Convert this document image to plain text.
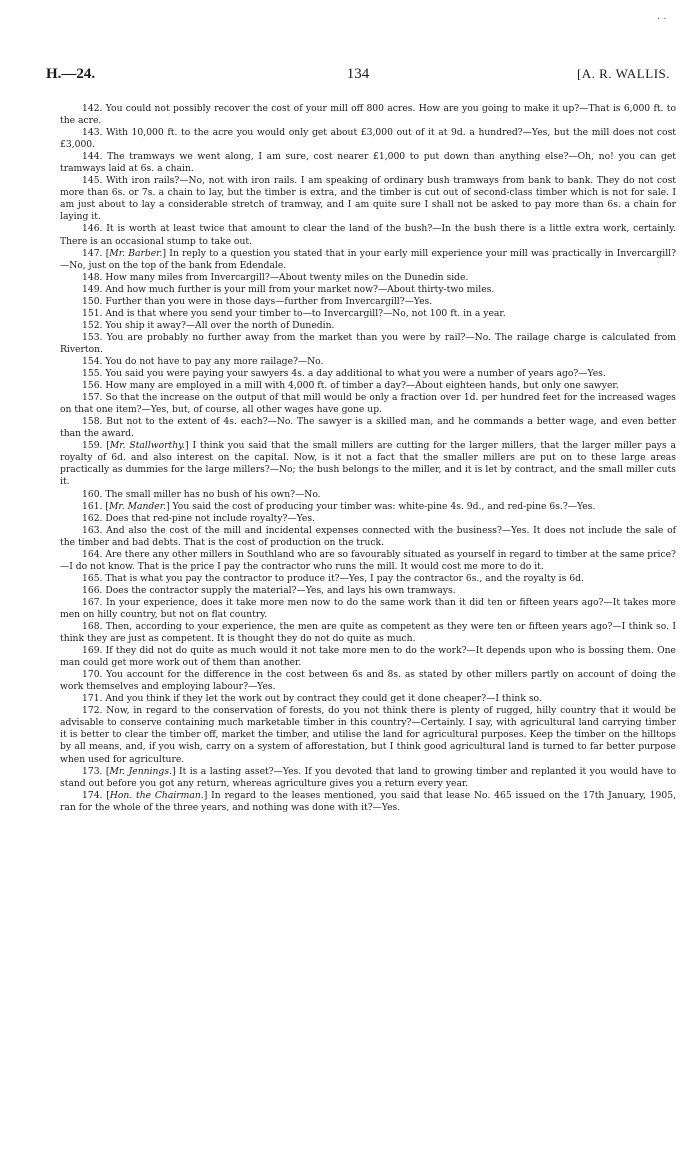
· ·
H.—24.	134	[A. R. WALLIS.

142. You could not possibly recover the cost of your mill off 800 acres. How are you going to make it up?—That is 6,000 ft. to the acre.

143. With 10,000 ft. to the acre you would only get about £3,000 out of it at 9d. a hundred?—Yes, but the mill does not cost £3,000.

144. The tramways we went along, I am sure, cost nearer £1,000 to put down than anything else?—Oh, no! you can get tramways laid at 6s. a chain.

145. With iron rails?—No, not with iron rails. I am speaking of ordinary bush tramways from bank to bank. They do not cost more than 6s. or 7s. a chain to lay, but the timber is extra, and the timber is cut out of second-class timber which is not for sale. I am just about to lay a considerable stretch of tramway, and I am quite sure I shall not be asked to pay more than 6s. a chain for laying it.

146. It is worth at least twice that amount to clear the land of the bush?—In the bush there is a little extra work, certainly. There is an occasional stump to take out.

147. [Mr. Barber.] In reply to a question you stated that in your early mill experience your mill was practically in Invercargill?—No, just on the top of the bank from Edendale.

148. How many miles from Invercargill?—About twenty miles on the Dunedin side.

149. And how much further is your mill from your market now?—About thirty-two miles.

150. Further than you were in those days—further from Invercargill?—Yes.

151. And is that where you send your timber to—to Invercargill?—No, not 100 ft. in a year.

152. You ship it away?—All over the north of Dunedin.

153. You are probably no further away from the market than you were by rail?—No. The railage charge is calculated from Riverton.

154. You do not have to pay any more railage?—No.

155. You said you were paying your sawyers 4s. a day additional to what you were a number of years ago?—Yes.

156. How many are employed in a mill with 4,000 ft. of timber a day?—About eighteen hands, but only one sawyer.

157. So that the increase on the output of that mill would be only a fraction over 1d. per hundred feet for the increased wages on that one item?—Yes, but, of course, all other wages have gone up.

158. But not to the extent of 4s. each?—No. The sawyer is a skilled man, and he commands a better wage, and even better than the award.

159. [Mr. Stallworthy.] I think you said that the small millers are cutting for the larger millers, that the larger miller pays a royalty of 6d. and also interest on the capital. Now, is it not a fact that the smaller millers are put on to these large areas practically as dummies for the large millers?—No; the bush belongs to the miller, and it is let by contract, and the small miller cuts it.

160. The small miller has no bush of his own?—No.

161. [Mr. Mander.] You said the cost of producing your timber was: white-pine 4s. 9d., and red-pine 6s.?—Yes.

162. Does that red-pine not include royalty?—Yes.

163. And also the cost of the mill and incidental expenses connected with the business?—Yes. It does not include the sale of the timber and bad debts. That is the cost of production on the truck.

164. Are there any other millers in Southland who are so favourably situated as yourself in regard to timber at the same price?—I do not know. That is the price I pay the contractor who runs the mill. It would cost me more to do it.

165. That is what you pay the contractor to produce it?—Yes, I pay the contractor 6s., and the royalty is 6d.

166. Does the contractor supply the material?—Yes, and lays his own tramways.

167. In your experience, does it take more men now to do the same work than it did ten or fifteen years ago?—It takes more men on hilly country, but not on flat country.

168. Then, according to your experience, the men are quite as competent as they were ten or fifteen years ago?—I think so. I think they are just as competent. It is thought they do not do quite as much.

169. If they did not do quite as much would it not take more men to do the work?—It depends upon who is bossing them. One man could get more work out of them than another.

170. You account for the difference in the cost between 6s and 8s. as stated by other millers partly on account of doing the work themselves and employing labour?—Yes.

171. And you think if they let the work out by contract they could get it done cheaper?—I think so.

172. Now, in regard to the conservation of forests, do you not think there is plenty of rugged, hilly country that it would be advisable to conserve containing much marketable timber in this country?—Certainly. I say, with agricultural land carrying timber it is better to clear the timber off, market the timber, and utilise the land for agricultural purposes. Keep the timber on the hilltops by all means, and, if you wish, carry on a system of afforestation, but I think good agricultural land is turned to far better purpose when used for agriculture.

173. [Mr. Jennings.] It is a lasting asset?—Yes. If you devoted that land to growing timber and replanted it you would have to stand out before you got any return, whereas agriculture gives you a return every year.

174. [Hon. the Chairman.] In regard to the leases mentioned, you said that lease No. 465 issued on the 17th January, 1905, ran for the whole of the three years, and nothing was done with it?—Yes.
